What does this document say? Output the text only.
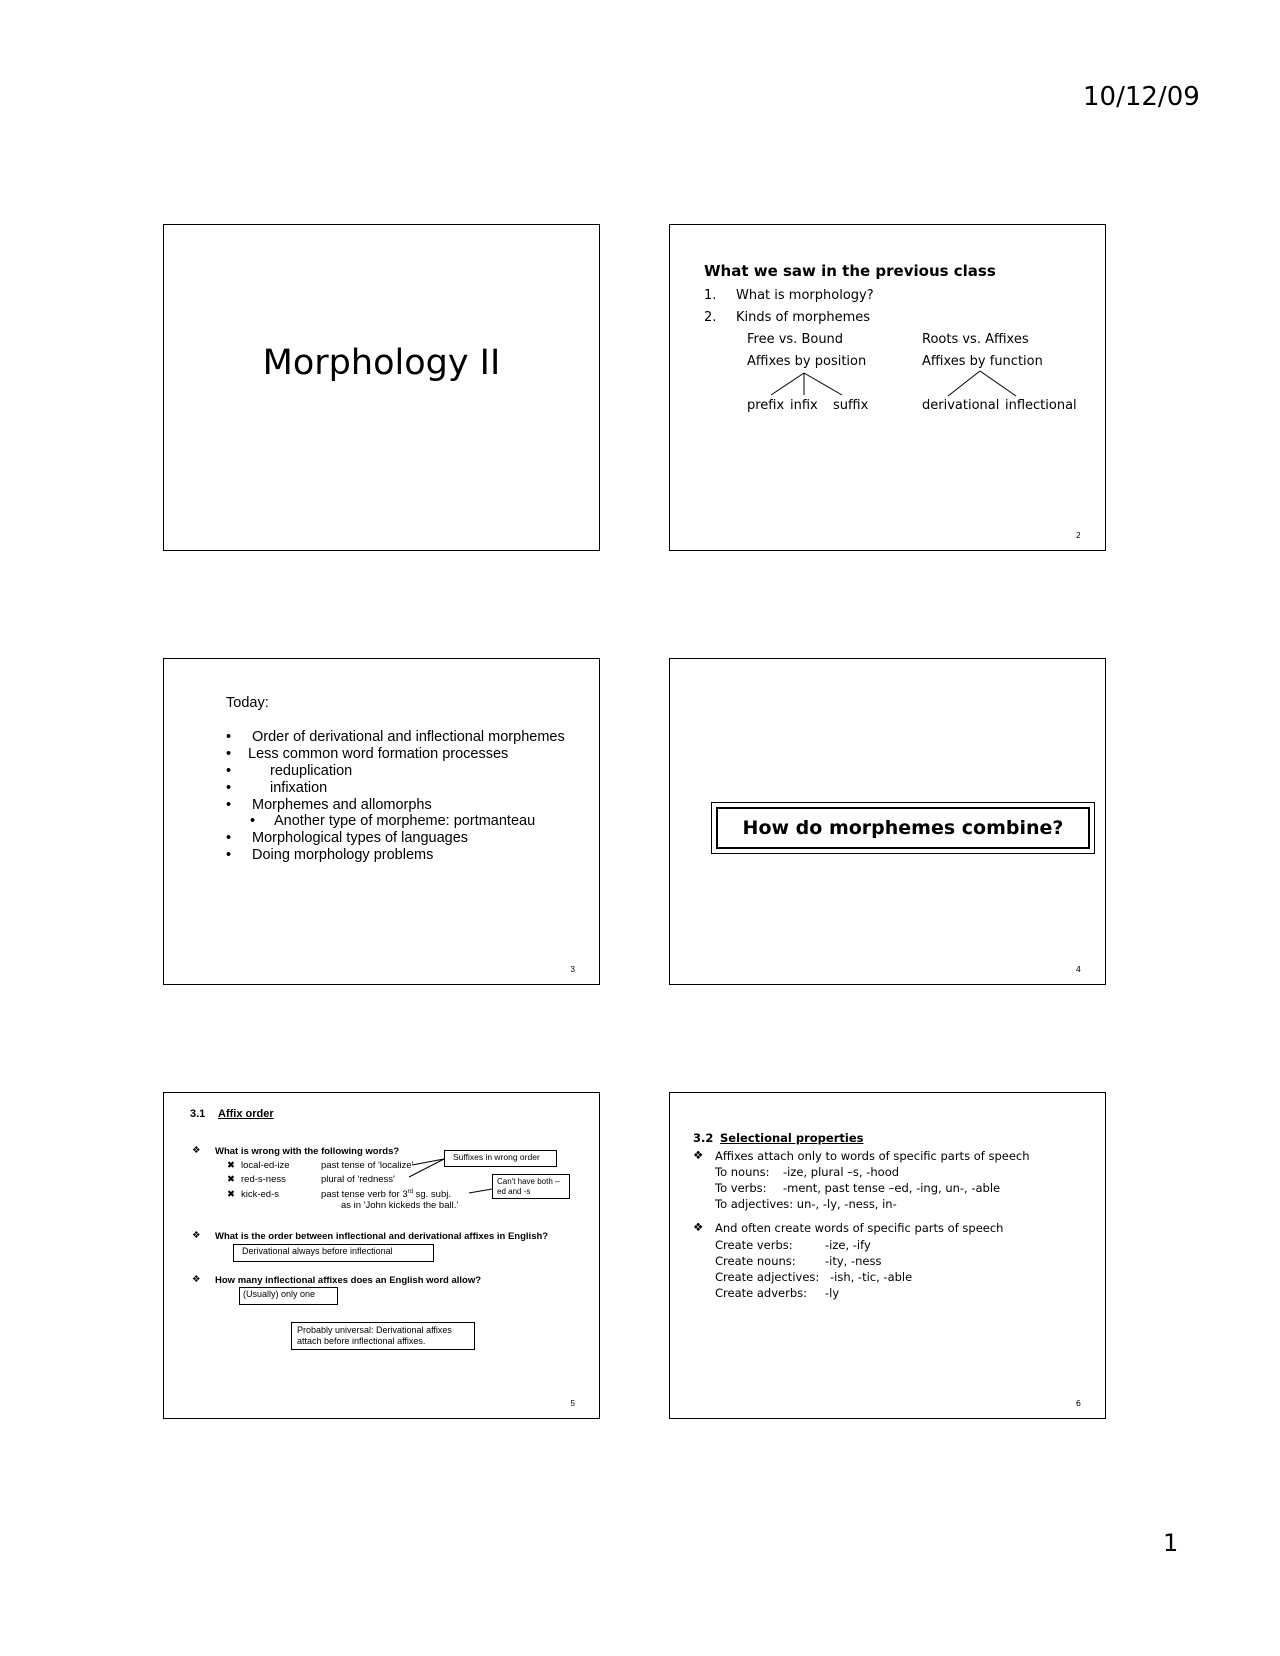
10/12/09
1
Morphology II
What we saw in the previous class
1. What is morphology?
2. Kinds of morphemes
Free vs. Bound	Roots vs. Affixes
Affixes by position	Affixes by function
prefix infix suffix	derivational inflectional
2
Today:
• Order of derivational and inflectional morphemes
• Less common word formation processes
•	reduplication
•	infixation
• Morphemes and allomorphs
• Another type of morpheme: portmanteau
• Morphological types of languages
• Doing morphology problems
3
How do morphemes combine?
4
3.1 Affix order
❖ What is wrong with the following words?
✖ local-ed-ize	past tense of 'localize'
✖ red-s-ness	plural of 'redness'
✖ kick-ed-s	past tense verb for 3rd sg. subj.
as in 'John kickeds the ball.'
Suffixes in wrong order
Can't have both –
ed and -s
❖ What is the order between inflectional and derivational affixes in English?
Derivational always before inflectional
❖ How many inflectional affixes does an English word allow?
(Usually) only one
Probably universal: Derivational affixes
attach before inflectional affixes.
5
3.2 Selectional properties
❖ Affixes attach only to words of specific parts of speech
To nouns: -ize, plural –s, -hood
To verbs: -ment, past tense –ed, -ing, un-, -able
To adjectives: un-, -ly, -ness, in-
❖ And often create words of specific parts of speech
Create verbs:	-ize, -ify
Create nouns:	-ity, -ness
Create adjectives: -ish, -tic, -able
Create adverbs: -ly
6
